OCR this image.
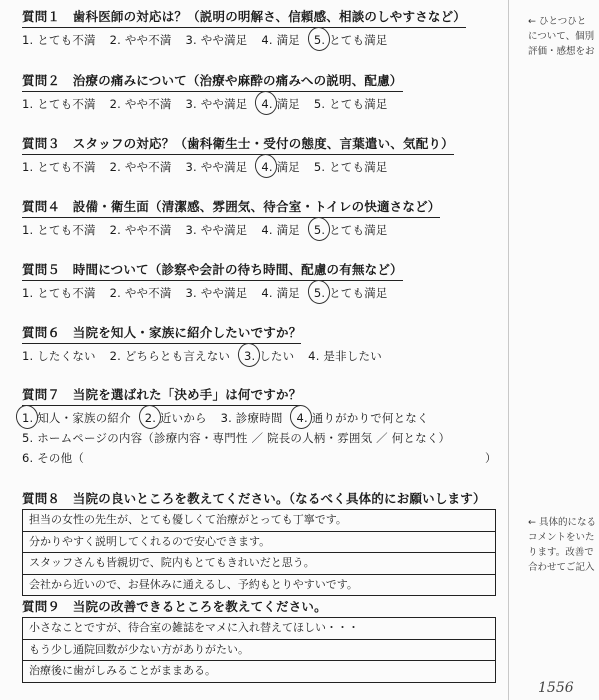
質問１　歯科医師の対応は？（説明の明解さ、信頼感、相談のしやすさなど）
1. とても不満 2. やや不満 3. やや満足 4. 満足 5. とても満足
質問２　治療の痛みについて（治療や麻酔の痛みへの説明、配慮）
1. とても不満 2. やや不満 3. やや満足 4. 満足 5. とても満足
質問３　スタッフの対応？（歯科衛生士・受付の態度、言葉遣い、気配り）
1. とても不満 2. やや不満 3. やや満足 4. 満足 5. とても満足
質問４　設備・衛生面（清潔感、雰囲気、待合室・トイレの快適さなど）
1. とても不満 2. やや不満 3. やや満足 4. 満足 5. とても満足
質問５　時間について（診察や会計の待ち時間、配慮の有無など）
1. とても不満 2. やや不満 3. やや満足 4. 満足 5. とても満足
質問６　当院を知人・家族に紹介したいですか？
1. したくない 2. どちらとも言えない 3. したい 4. 是非したい
質問７　当院を選ばれた「決め手」は何ですか？
1. 知人・家族の紹介 2. 近いから 3. 診療時間 4. 通りがかりで何となく
5. ホームページの内容（診療内容・専門性 ／ 院長の人柄・雰囲気 ／ 何となく）
6. その他（	）
質問８　当院の良いところを教えてください。（なるべく具体的にお願いします）
担当の女性の先生が、とても優しくて治療がとっても丁寧です。
分かりやすく説明してくれるので安心できます。
スタッフさんも皆親切で、院内もとてもきれいだと思う。
会社から近いので、お昼休みに通えるし、予約もとりやすいです。
質問９　当院の改善できるところを教えてください。
小さなことですが、待合室の雑誌をマメに入れ替えてほしい・・・
もう少し通院回数が少ない方がありがたい。
治療後に歯がしみることがままある。
← ひとつひと
について、個別
評価・感想をお
← 具体的になる
コメントをいた
ります。改善で
合わせてご記入
1556
